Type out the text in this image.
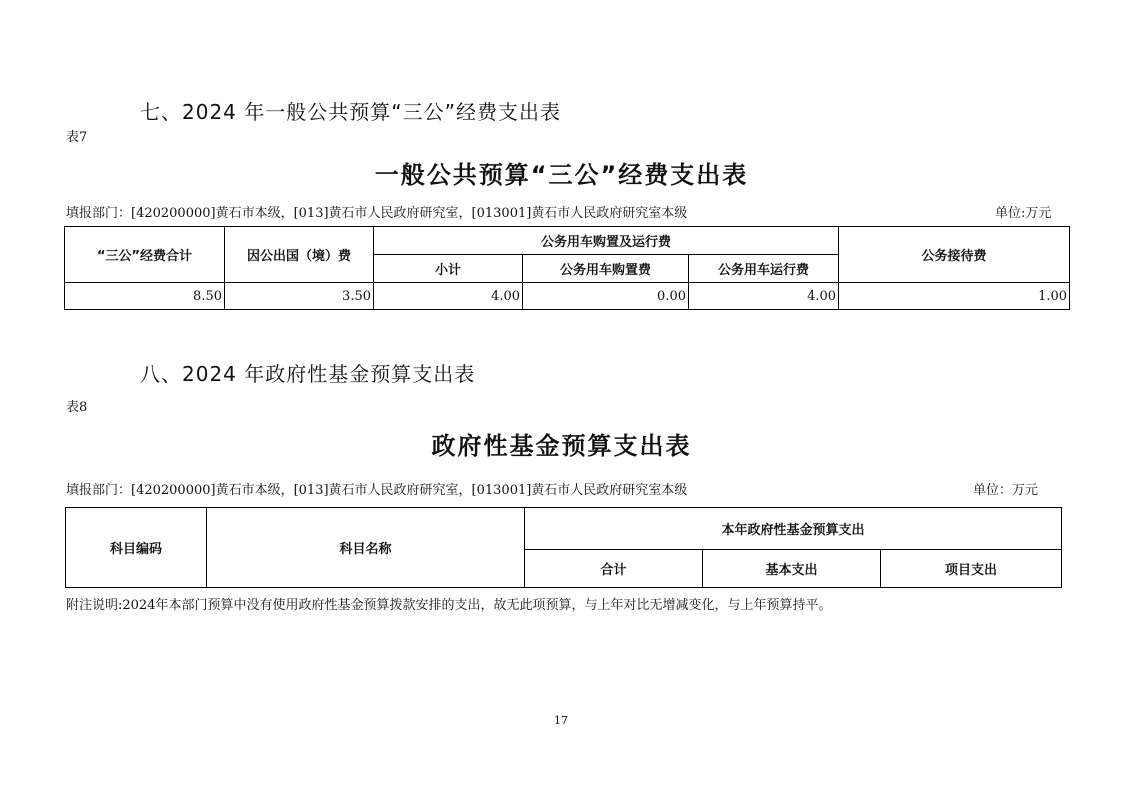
七、2024 年一般公共预算“三公”经费支出表
表7
一般公共预算“三公”经费支出表
填报部门：[420200000]黄石市本级，[013]黄石市人民政府研究室，[013001]黄石市人民政府研究室本级	单位:万元
“三公”经费合计	因公出国（境）费	公务用车购置及运行费			公务接待费
		小计	公务用车购置费	公务用车运行费	
8.50	3.50	4.00	0.00	4.00	1.00
八、2024 年政府性基金预算支出表
表8
政府性基金预算支出表
填报部门：[420200000]黄石市本级，[013]黄石市人民政府研究室，[013001]黄石市人民政府研究室本级	单位：万元
科目编码	科目名称	本年政府性基金预算支出		
		合计	基本支出	项目支出
附注说明:2024年本部门预算中没有使用政府性基金预算拨款安排的支出，故无此项预算，与上年对比无增减变化，与上年预算持平。
17
